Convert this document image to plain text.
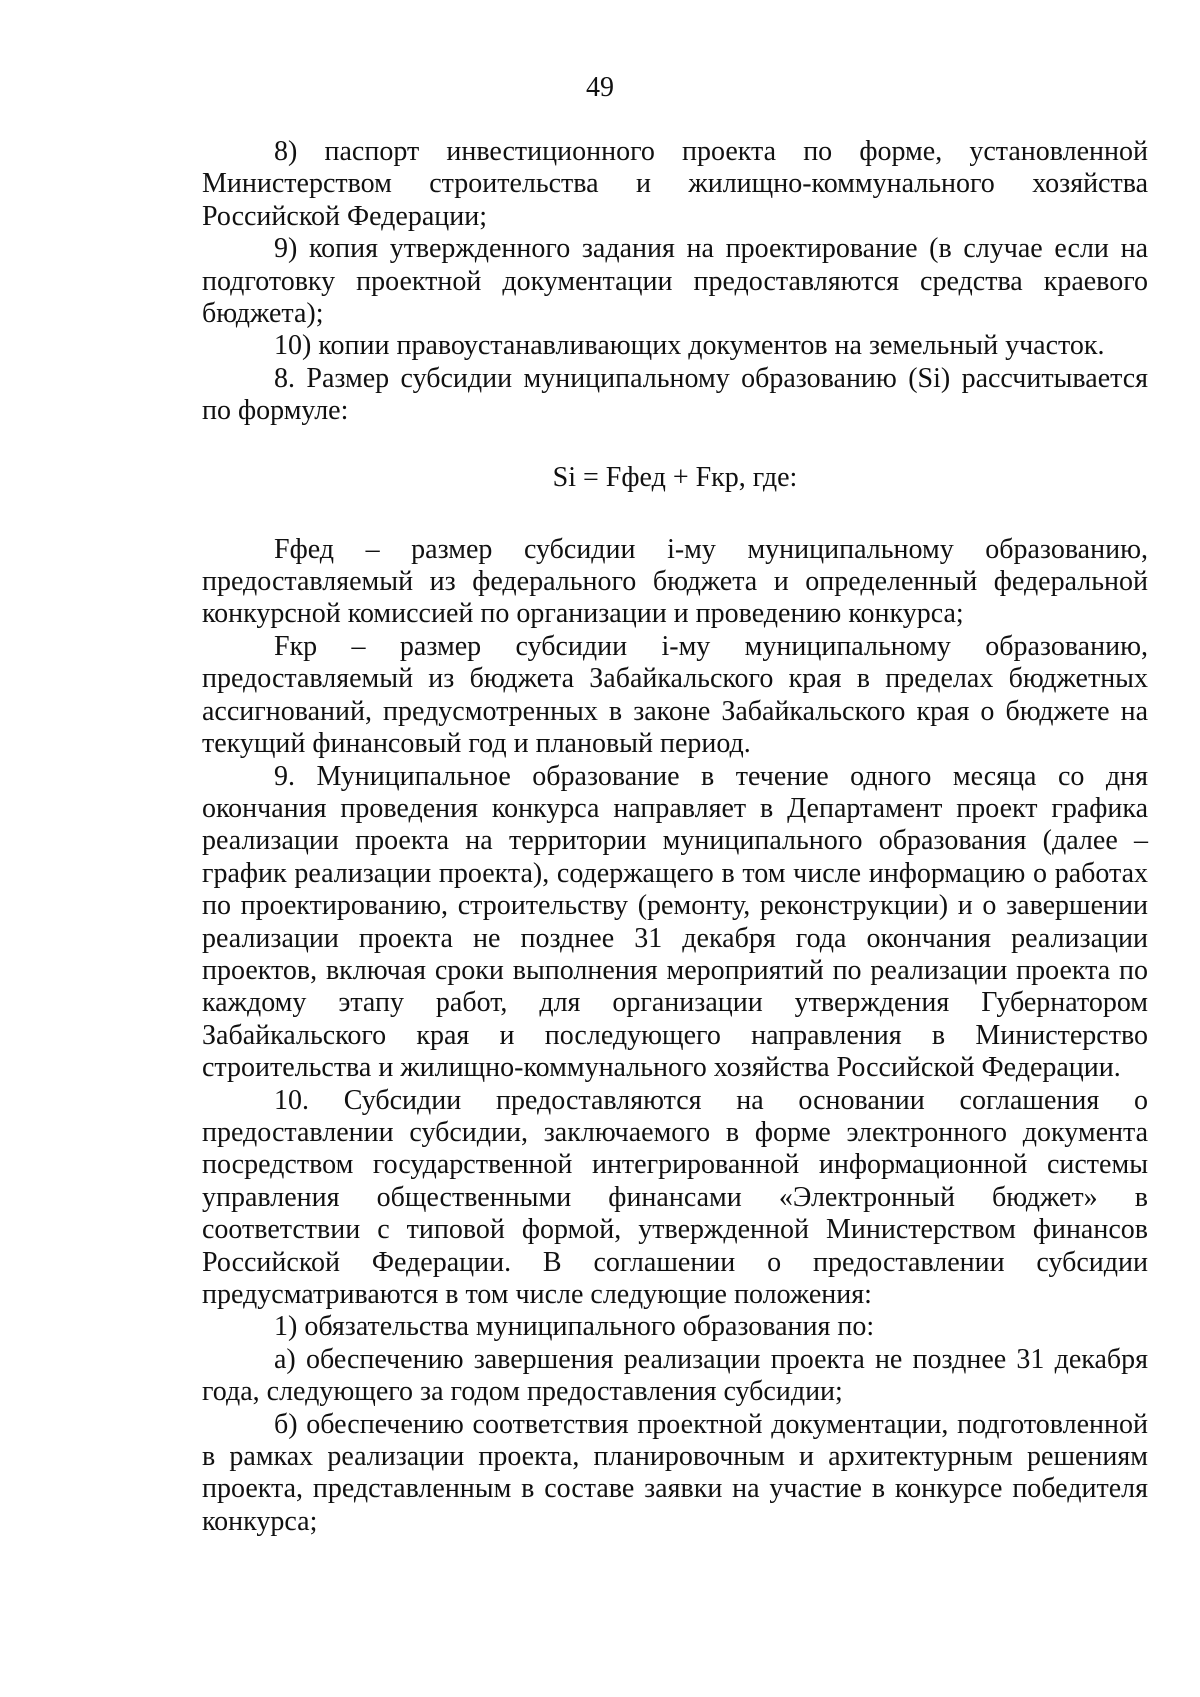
49

8) паспорт инвестиционного проекта по форме, установленной Министерством строительства и жилищно-коммунального хозяйства Российской Федерации;

9) копия утвержденного задания на проектирование (в случае если на подготовку проектной документации предоставляются средства краевого бюджета);

10) копии правоустанавливающих документов на земельный участок.

8. Размер субсидии муниципальному образованию (Si) рассчитывается по формуле:

Si = Fфед + Fкр, где:

Fфед – размер субсидии i-му муниципальному образованию, предоставляемый из федерального бюджета и определенный федеральной конкурсной комиссией по организации и проведению конкурса;

Fкр – размер субсидии i-му муниципальному образованию, предоставляемый из бюджета Забайкальского края в пределах бюджетных ассигнований, предусмотренных в законе Забайкальского края о бюджете на текущий финансовый год и плановый период.

9. Муниципальное образование в течение одного месяца со дня окончания проведения конкурса направляет в Департамент проект графика реализации проекта на территории муниципального образования (далее – график реализации проекта), содержащего в том числе информацию о работах по проектированию, строительству (ремонту, реконструкции) и о завершении реализации проекта не позднее 31 декабря года окончания реализации проектов, включая сроки выполнения мероприятий по реализации проекта по каждому этапу работ, для организации утверждения Губернатором Забайкальского края и последующего направления в Министерство строительства и жилищно-коммунального хозяйства Российской Федерации.

10. Субсидии предоставляются на основании соглашения о предоставлении субсидии, заключаемого в форме электронного документа посредством государственной интегрированной информационной системы управления общественными финансами «Электронный бюджет» в соответствии с типовой формой, утвержденной Министерством финансов Российской Федерации. В соглашении о предоставлении субсидии предусматриваются в том числе следующие положения:

1) обязательства муниципального образования по:

а) обеспечению завершения реализации проекта не позднее 31 декабря года, следующего за годом предоставления субсидии;

б) обеспечению соответствия проектной документации, подготовленной в рамках реализации проекта, планировочным и архитектурным решениям проекта, представленным в составе заявки на участие в конкурсе победителя конкурса;
